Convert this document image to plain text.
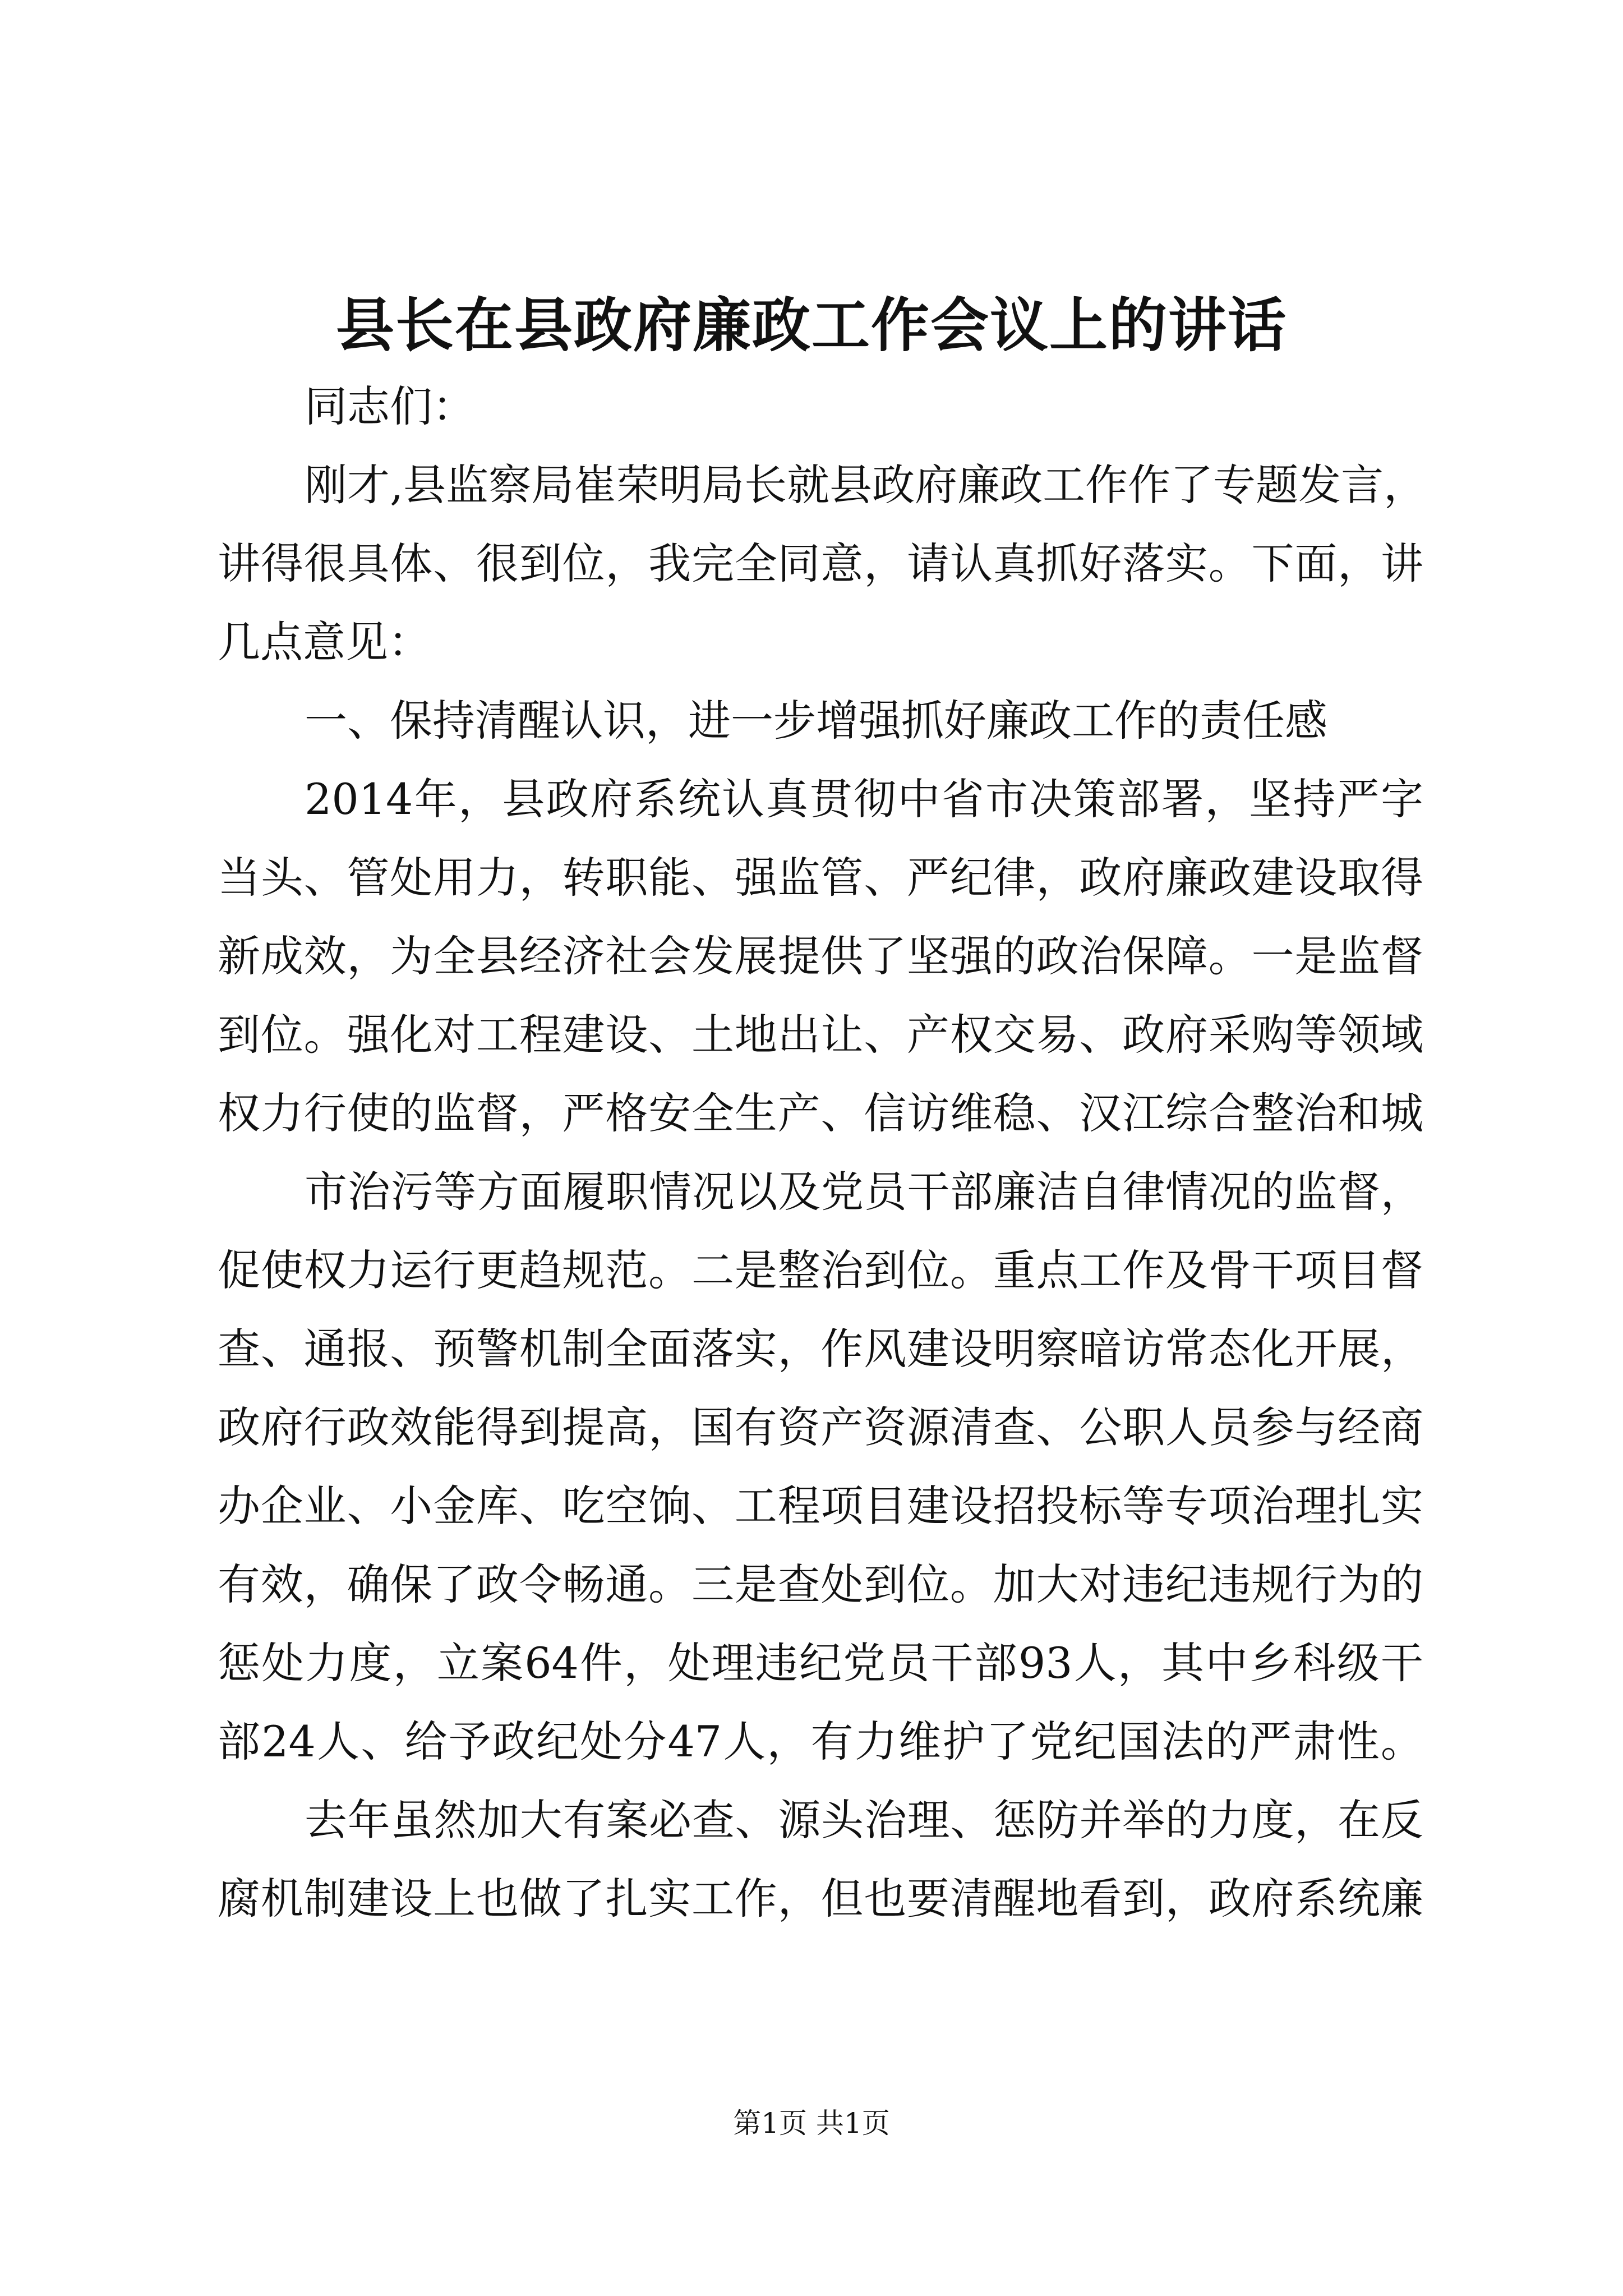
县长在县政府廉政工作会议上的讲话
同志们：
刚 才 , 县 监 察 局 崔 荣 明 局 长 就 县 政 府 廉 政 工 作 作 了 专 题 发 言 ，
讲 得 很 具 体 、 很 到 位 ， 我 完 全 同 意 ， 请 认 真 抓 好 落 实 。 下 面 ， 讲
几点意见：
一、保持清醒认识，进一步增强抓好廉政工作的责任感
2014 年 ， 县 政 府 系 统 认 真 贯 彻 中 省 市 决 策 部 署 ， 坚 持 严 字
当 头 、 管 处 用 力 ， 转 职 能 、 强 监 管 、 严 纪 律 ， 政 府 廉 政 建 设 取 得
新 成 效 ， 为 全 县 经 济 社 会 发 展 提 供 了 坚 强 的 政 治 保 障 。 一 是 监 督
到 位 。 强 化 对 工 程 建 设 、 土 地 出 让 、 产 权 交 易 、 政 府 采 购 等 领 域
权 力 行 使 的 监 督 ， 严 格 安 全 生 产 、 信 访 维 稳 、 汉 江 综 合 整 治 和 城
市 治 污 等 方 面 履 职 情 况 以 及 党 员 干 部 廉 洁 自 律 情 况 的 监 督 ，
促 使 权 力 运 行 更 趋 规 范 。 二 是 整 治 到 位 。 重 点 工 作 及 骨 干 项 目 督
查 、 通 报 、 预 警 机 制 全 面 落 实 ， 作 风 建 设 明 察 暗 访 常 态 化 开 展 ，
政 府 行 政 效 能 得 到 提 高 ， 国 有 资 产 资 源 清 查 、 公 职 人 员 参 与 经 商
办 企 业 、 小 金 库 、 吃 空 饷 、 工 程 项 目 建 设 招 投 标 等 专 项 治 理 扎 实
有 效 ， 确 保 了 政 令 畅 通 。 三 是 查 处 到 位 。 加 大 对 违 纪 违 规 行 为 的
惩 处 力 度 ， 立 案 64 件 ， 处 理 违 纪 党 员 干 部 93 人 ， 其 中 乡 科 级 干
部 24 人 、 给 予 政 纪 处 分 47 人 ， 有 力 维 护 了 党 纪 国 法 的 严 肃 性 。
去 年 虽 然 加 大 有 案 必 查 、 源 头 治 理 、 惩 防 并 举 的 力 度 ， 在 反
腐 机 制 建 设 上 也 做 了 扎 实 工 作 ， 但 也 要 清 醒 地 看 到 ， 政 府 系 统 廉
第1页 共1页
